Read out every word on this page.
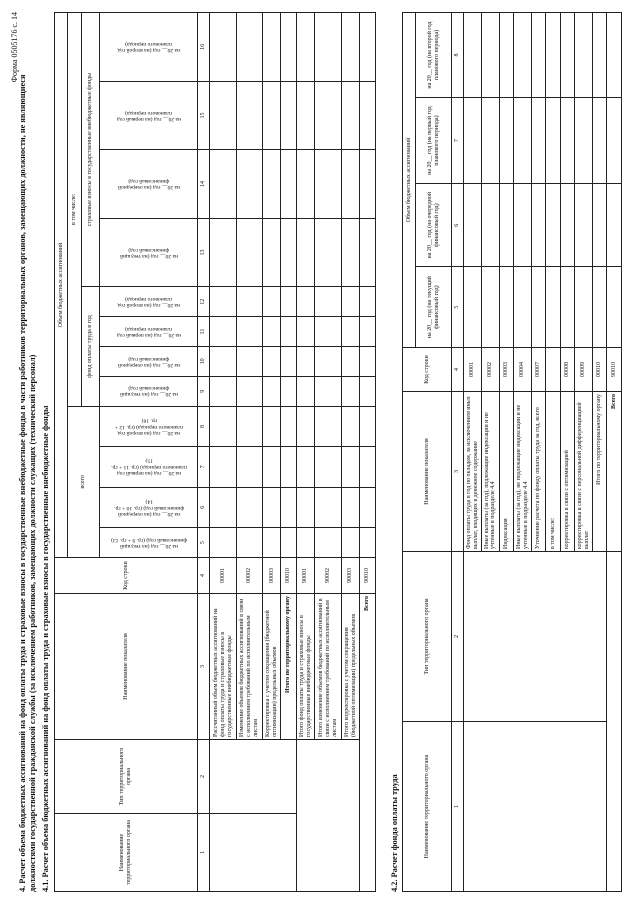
Форма 0505176 с. 14
4. Расчет объема бюджетных ассигнований на фонд оплаты труда и страховые взносы в государственные внебюджетные фонды в части работников территориальных органов, замещающих должности, не являющиеся должностями государственной гражданской службы (за исключением работников, замещающих должности служащих (технический персонал) 4.1. Расчет объема бюджетных ассигнований на фонд оплаты труда и страховые взносы в государственные внебюджетные фонды	Наименование территориального органа	Тип территориального органа	Наименование показателя	Код строки	Объем бюджетных ассигнований											
				всего				в том числе:							
								фонд оплаты труда в год				страховые взносы в государственные внебюджетные фонды			

				на 20__ год (на текущий финансовый год) (гр. 9 + гр. 13)	на 20__ год (на очередной финансовый год) (гр. 10 + гр. 14)	на 20__ год (на первый год планового периода) (гр. 11 + гр. 15)	на 20__ год (на второй год планового периода) (гр. 12 + гр. 16)	на 20__ год (на текущий финансовый год)	на 20__ год (на очередной финансовый год)	на 20__ год (на первый год планового периода)	на 20__ год (на второй год планового периода)	на 20__ год (на текущий финансовый год)	на 20__ год (на очередной финансовый год)	на 20__ год (на первый год планового периода)	на 20__ год (на второй год планового периода)

1	2	3	4	5	6	7	8	9	10	11	12	13	14	15	16
		Рассчитанный объем бюджетных ассигнований на фонд оплаты труда и страховые взносы в государственные внебюджетные фонды	00001												
		Изменение объемов бюджетных ассигнований в связи с исполнением требований по исполнительным листам	00002												
		Корректировка с учетом сокращения (бюджетной оптимизации) предельных объемов	00003												
		Итого по территориальному органу	00010												
		Итого фонд оплаты труда и страховые взносы в государственные внебюджетные фонды	90001												
		Итого изменение объемов бюджетных ассигнований в связи с исполнением требований по исполнительным листам	90002												
		Итого корректировка с учетом сокращения (бюджетной оптимизации) предельных объемов	90003												
Всего			90010												
4.2. Расчет фонда оплаты труда	Наименование территориального органа	Тип территориального органа	Наименование показателя	Код строки	Объем бюджетных ассигнований			
				на 20__ год (на текущий финансовый год)	на 20__ год (на очередной финансовый год)	на 20__ год (на первый год планового периода)	на 20__ год (на второй год планового периода)
1	2	3	4	5	6	7	8
		Фонд оплаты труда в год по окладам, за исключением иных выплат, входящих в денежное содержание	00001				
		Иные выплаты (за год), подлежащие индексации и не учтенные в подразделе 4.4	00002				
		Индексация	00003				
		Иные выплаты (за год), не подлежащие индексации и не учтенные в подразделе 4.4	00004				
		Уточнение расчета по фонду оплаты труда за год, всего	00007				
		в том числе:					
		корректировка в связи с оптимизацией	00008				
		корректировка в связи с персональной дифференциацией выплат	00009				
		Итого по территориальному органу	00010				
		Всего	90010				
